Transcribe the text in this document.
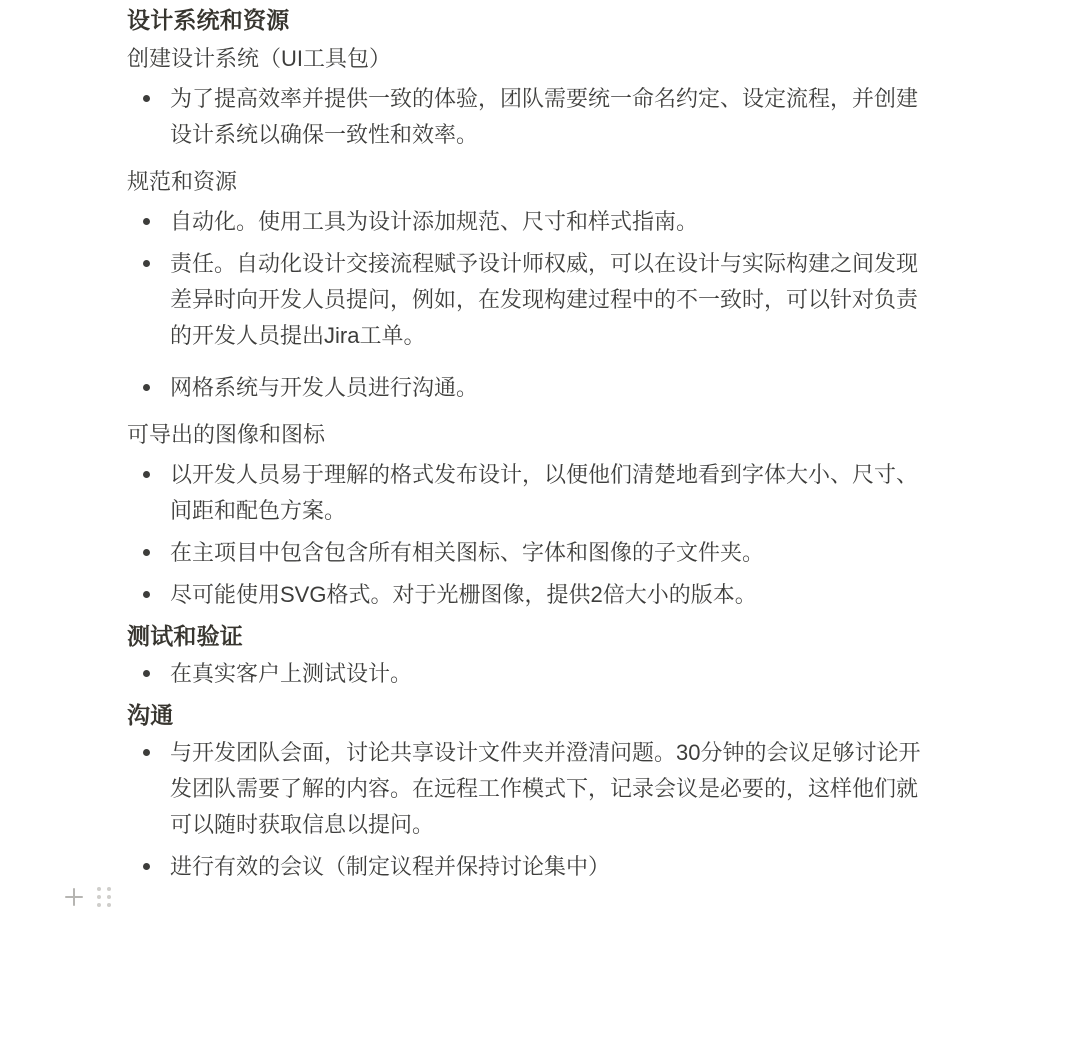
设计系统和资源

创建设计系统（UI工具包）

为了提高效率并提供一致的体验，团队需要统一命名约定、设定流程，并创建设计系统以确保一致性和效率。

规范和资源

自动化。使用工具为设计添加规范、尺寸和样式指南。
责任。自动化设计交接流程赋予设计师权威，可以在设计与实际构建之间发现差异时向开发人员提问，例如，在发现构建过程中的不一致时，可以针对负责的开发人员提出Jira工单。
网格系统与开发人员进行沟通。

可导出的图像和图标

以开发人员易于理解的格式发布设计，以便他们清楚地看到字体大小、尺寸、间距和配色方案。
在主项目中包含包含所有相关图标、字体和图像的子文件夹。
尽可能使用SVG格式。对于光栅图像，提供2倍大小的版本。
测试和验证
在真实客户上测试设计。
沟通
与开发团队会面，讨论共享设计文件夹并澄清问题。30分钟的会议足够讨论开发团队需要了解的内容。在远程工作模式下，记录会议是必要的，这样他们就可以随时获取信息以提问。
进行有效的会议（制定议程并保持讨论集中）
